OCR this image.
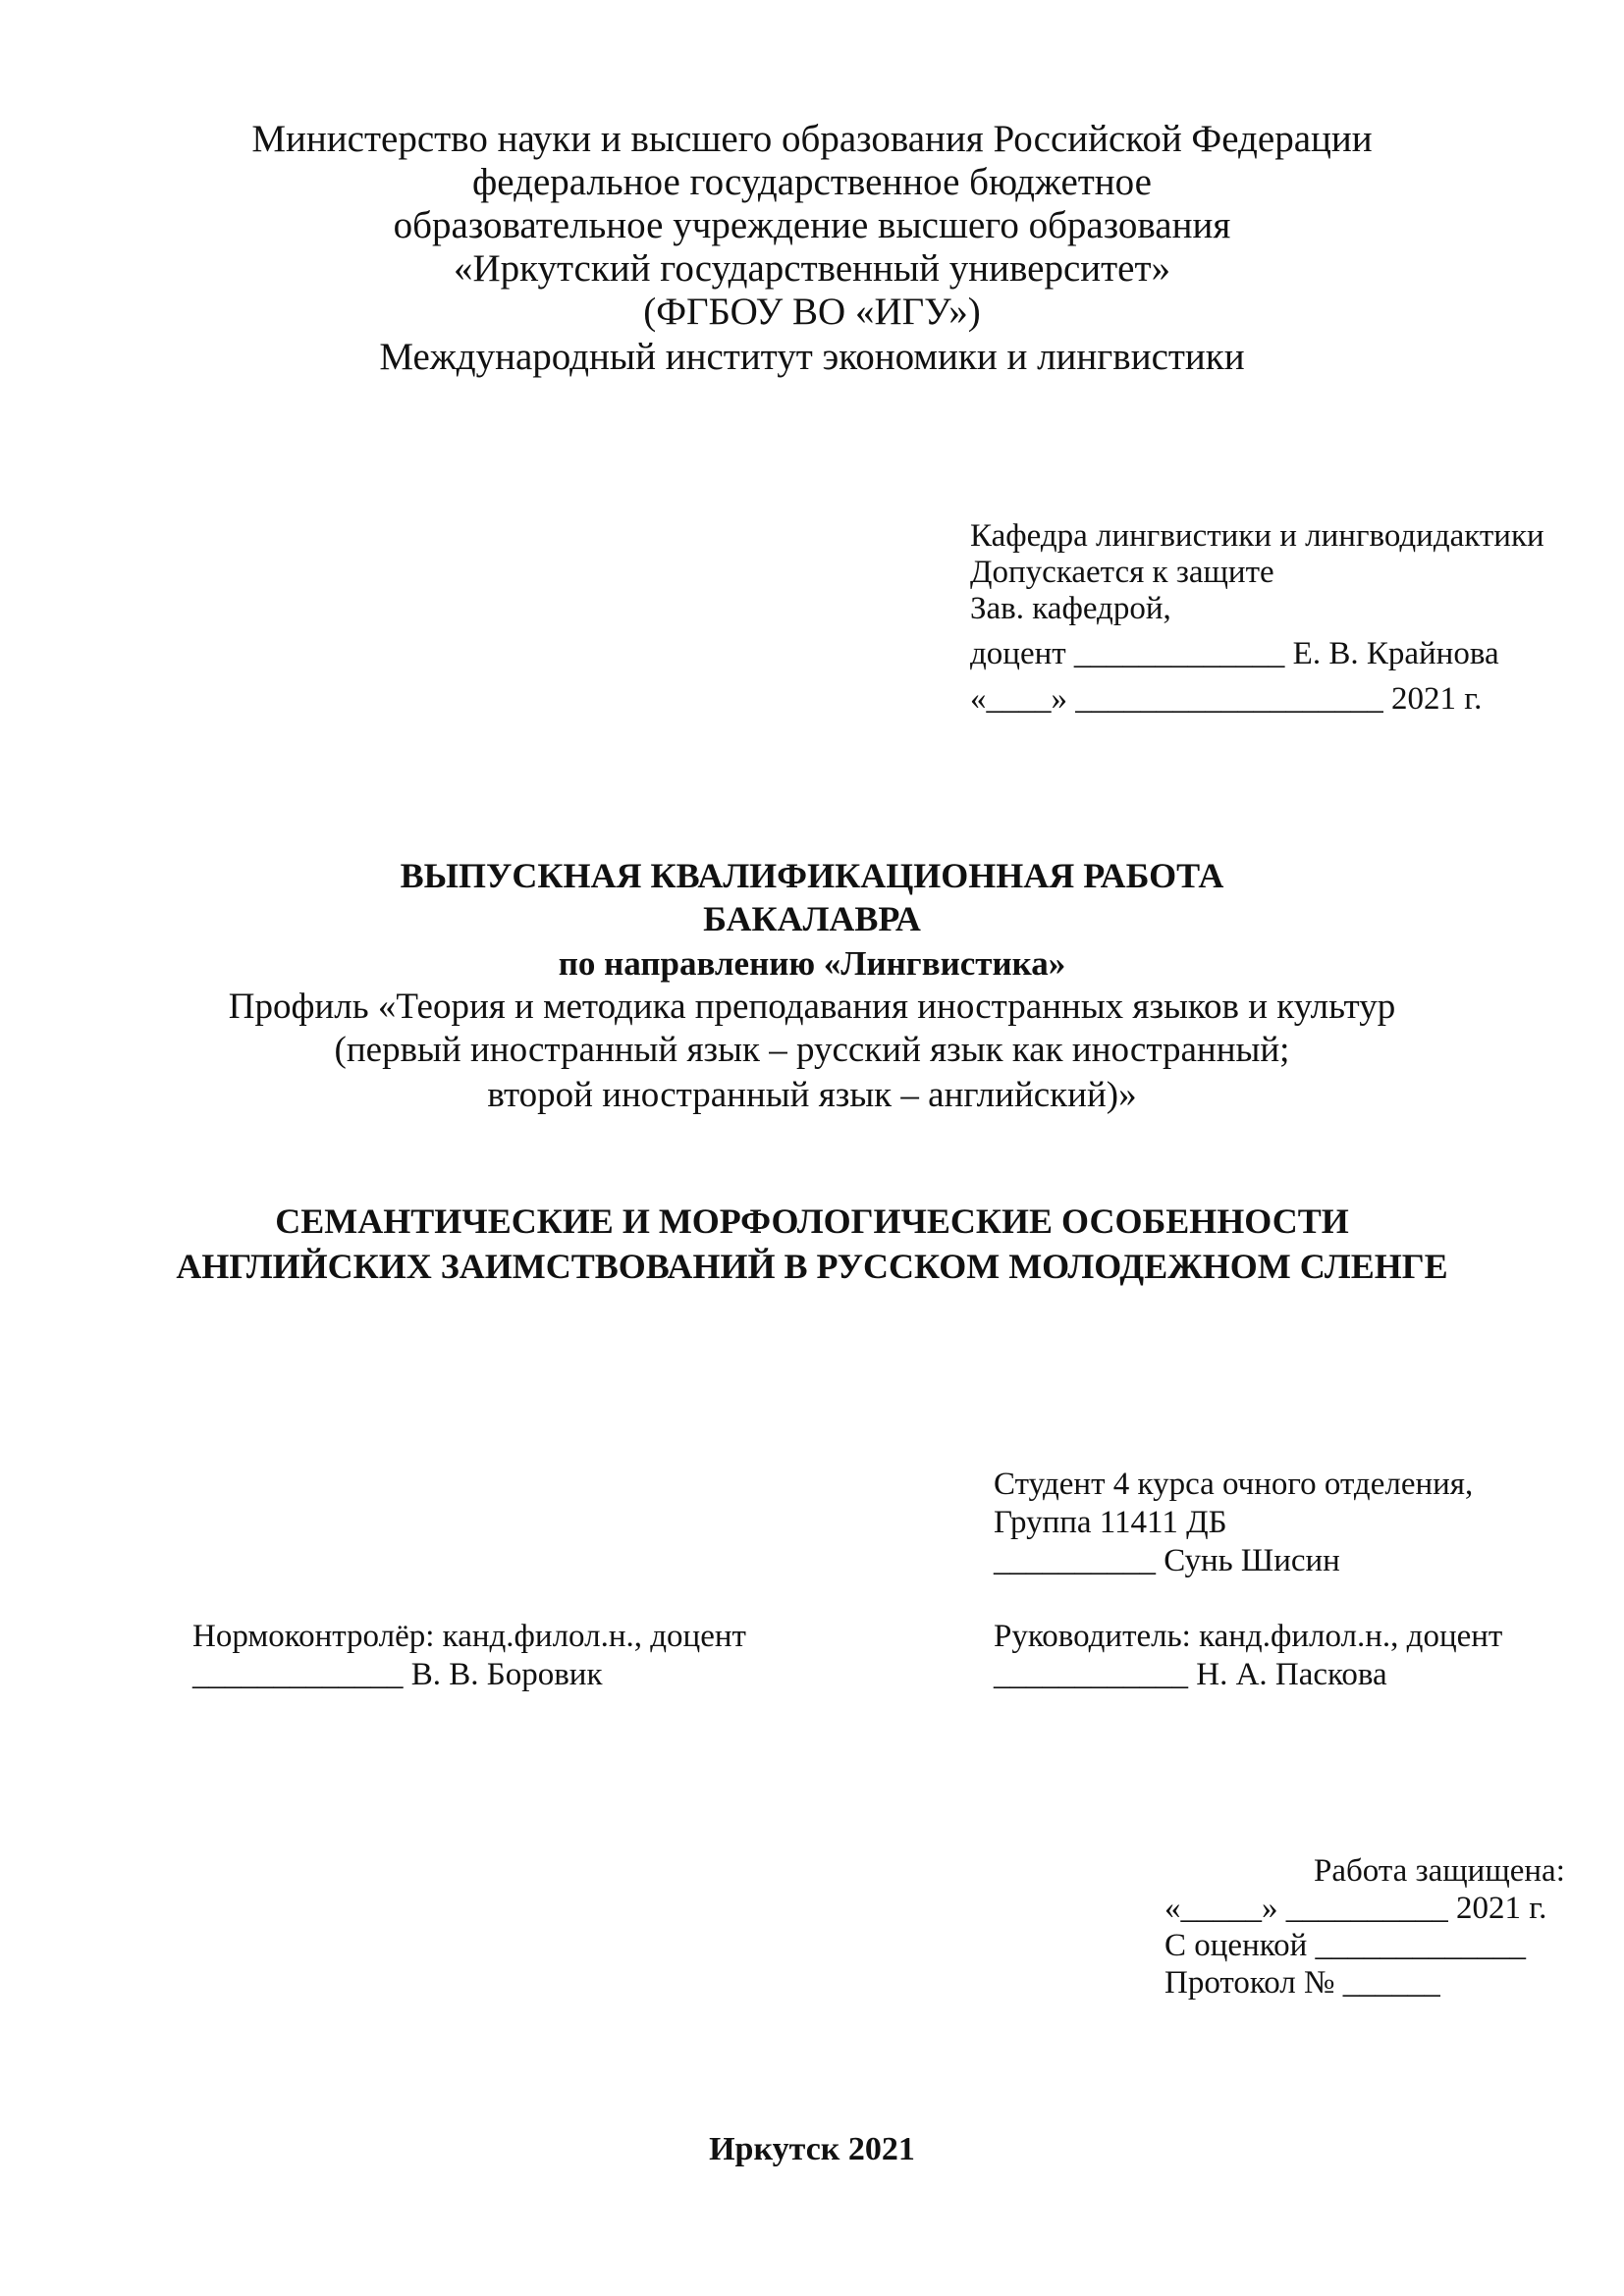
Министерство науки и высшего образования Российской Федерации
федеральное государственное бюджетное
образовательное учреждение высшего образования
«Иркутский государственный университет»
(ФГБОУ ВО «ИГУ»)
Международный институт экономики и лингвистики
Кафедра лингвистики и лингводидактики
Допускается к защите
Зав. кафедрой,
доцент _____________ Е. В. Крайнова
«____» ___________________ 2021 г.
ВЫПУСКНАЯ КВАЛИФИКАЦИОННАЯ РАБОТА
БАКАЛАВРА
по направлению «Лингвистика»
Профиль «Теория и методика преподавания иностранных языков и культур
(первый иностранный язык – русский язык как иностранный;
второй иностранный язык – английский)»
СЕМАНТИЧЕСКИЕ И МОРФОЛОГИЧЕСКИЕ ОСОБЕННОСТИ
АНГЛИЙСКИХ ЗАИМСТВОВАНИЙ В РУССКОМ МОЛОДЕЖНОМ СЛЕНГЕ
Студент 4 курса очного отделения,
Группа 11411 ДБ
__________ Сунь Шисин
Нормоконтролёр: канд.филол.н., доцент
_____________ В. В. Боровик
Руководитель: канд.филол.н., доцент
____________ Н. А. Паскова
Работа защищена:
«_____» __________ 2021 г.
С оценкой _____________
Протокол № ______
Иркутск 2021
